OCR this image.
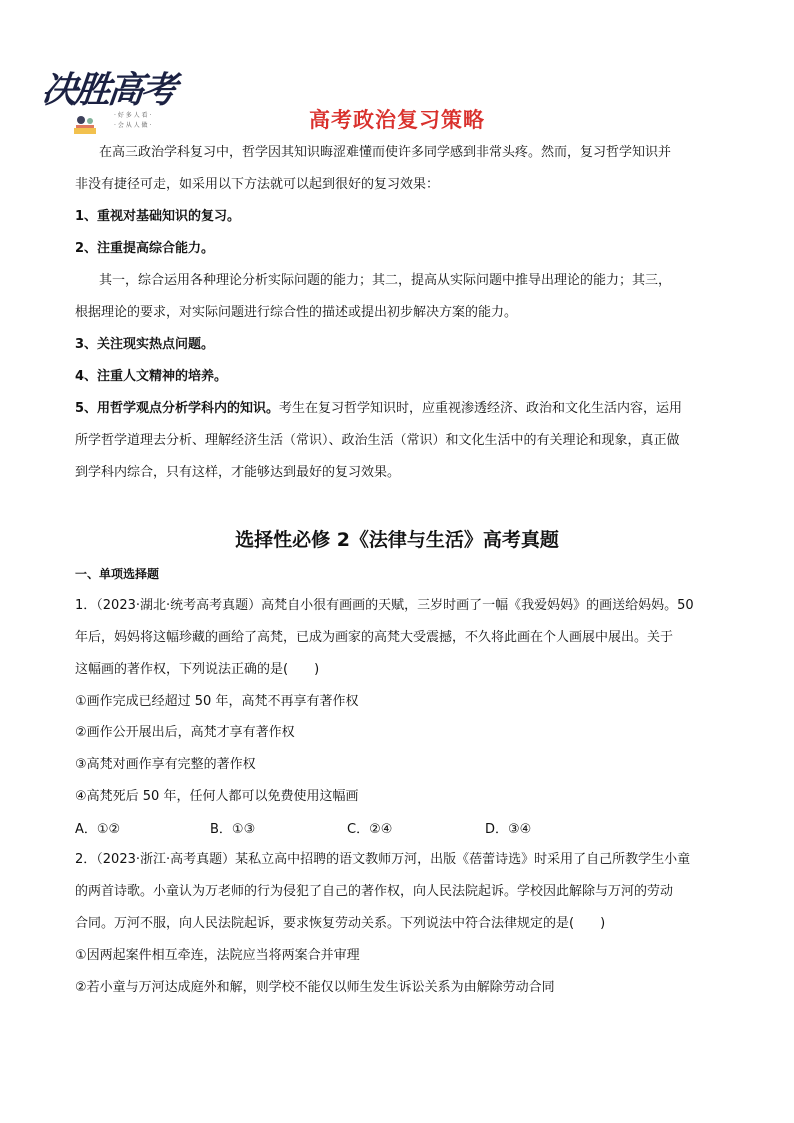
决胜高考
· 好 多 人 看 ·
· 会 从 人 做 ·	高考政治复习策略
在高三政治学科复习中，哲学因其知识晦涩难懂而使许多同学感到非常头疼。然而，复习哲学知识并
非没有捷径可走，如采用以下方法就可以起到很好的复习效果：
1、重视对基础知识的复习。
2、注重提高综合能力。
其一，综合运用各种理论分析实际问题的能力；其二，提高从实际问题中推导出理论的能力；其三，
根据理论的要求，对实际问题进行综合性的描述或提出初步解决方案的能力。
3、关注现实热点问题。
4、注重人文精神的培养。
5、用哲学观点分析学科内的知识。考生在复习哲学知识时，应重视渗透经济、政治和文化生活内容，运用
所学哲学道理去分析、理解经济生活（常识）、政治生活（常识）和文化生活中的有关理论和现象，真正做
到学科内综合，只有这样，才能够达到最好的复习效果。
选择性必修 2《法律与生活》高考真题
一、单项选择题
1．（2023·湖北·统考高考真题）高梵自小很有画画的天赋，三岁时画了一幅《我爱妈妈》的画送给妈妈。50
年后，妈妈将这幅珍藏的画给了高梵，已成为画家的高梵大受震撼，不久将此画在个人画展中展出。关于
这幅画的著作权，下列说法正确的是(　　)
①画作完成已经超过 50 年，高梵不再享有著作权
②画作公开展出后，高梵才享有著作权
③高梵对画作享有完整的著作权
④高梵死后 50 年，任何人都可以免费使用这幅画
A．①②	B．①③	C．②④	D．③④
2．（2023·浙江·高考真题）某私立高中招聘的语文教师万河，出版《蓓蕾诗选》时采用了自己所教学生小童
的两首诗歌。小童认为万老师的行为侵犯了自己的著作权，向人民法院起诉。学校因此解除与万河的劳动
合同。万河不服，向人民法院起诉，要求恢复劳动关系。下列说法中符合法律规定的是(　　)
①因两起案件相互牵连，法院应当将两案合并审理
②若小童与万河达成庭外和解，则学校不能仅以师生发生诉讼关系为由解除劳动合同
